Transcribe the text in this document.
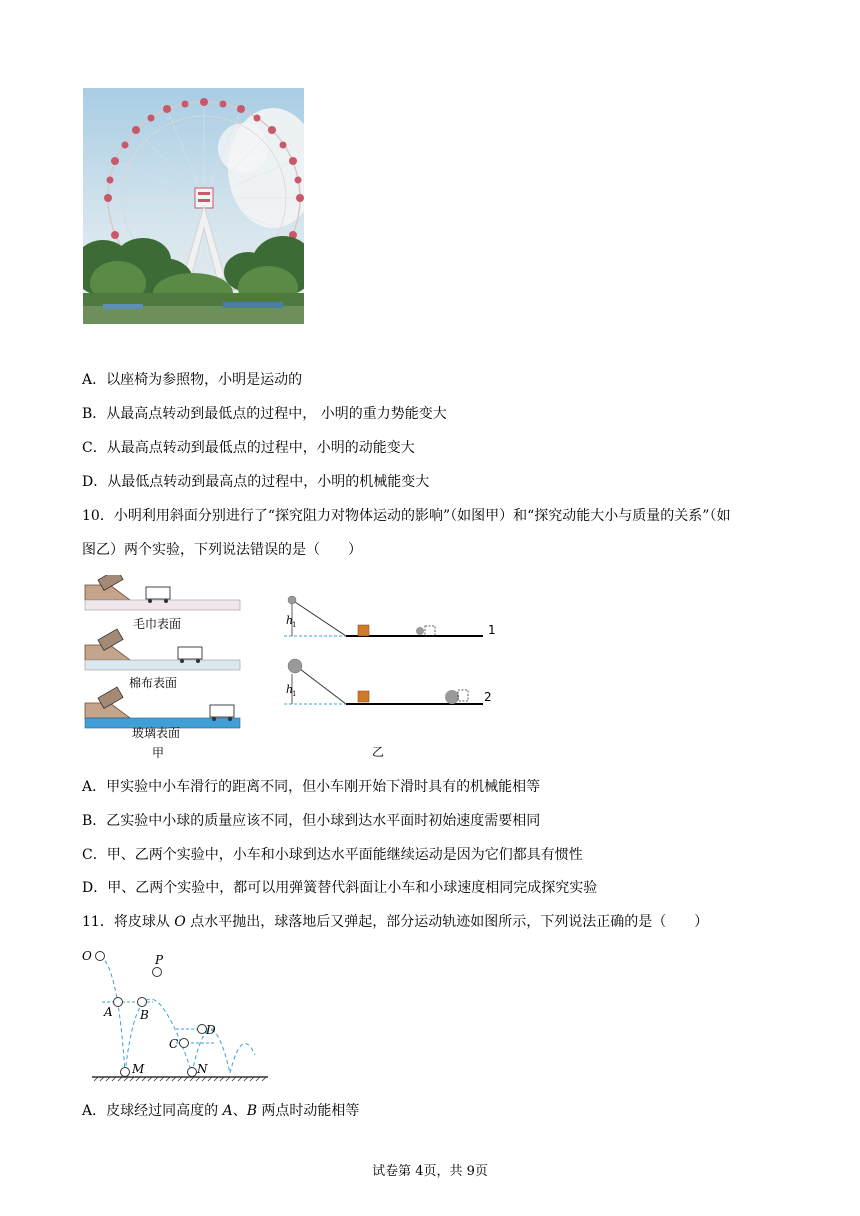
A．以座椅为参照物，小明是运动的
B．从最高点转动到最低点的过程中， 小明的重力势能变大
C．从最高点转动到最低点的过程中，小明的动能变大
D．从最低点转动到最高点的过程中，小明的机械能变大
10．小明利用斜面分别进行了“探究阻力对物体运动的影响”（如图甲）和“探究动能大小与质量的关系”（如
图乙）两个实验，下列说法错误的是（　　）
毛巾表面
棉布表面
玻璃表面
甲
h
1	1
h
1	2
乙
A．甲实验中小车滑行的距离不同，但小车刚开始下滑时具有的机械能相等
B．乙实验中小球的质量应该不同，但小球到达水平面时初始速度需要相同
C．甲、乙两个实验中，小车和小球到达水平面能继续运动是因为它们都具有惯性
D．甲、乙两个实验中，都可以用弹簧替代斜面让小车和小球速度相同完成探究实验
11．将皮球从 O 点水平抛出，球落地后又弹起，部分运动轨迹如图所示，下列说法正确的是（　　）
O	P
A B
C
D
M	N
A．皮球经过同高度的 A、B 两点时动能相等
试卷第 4页，共 9页
